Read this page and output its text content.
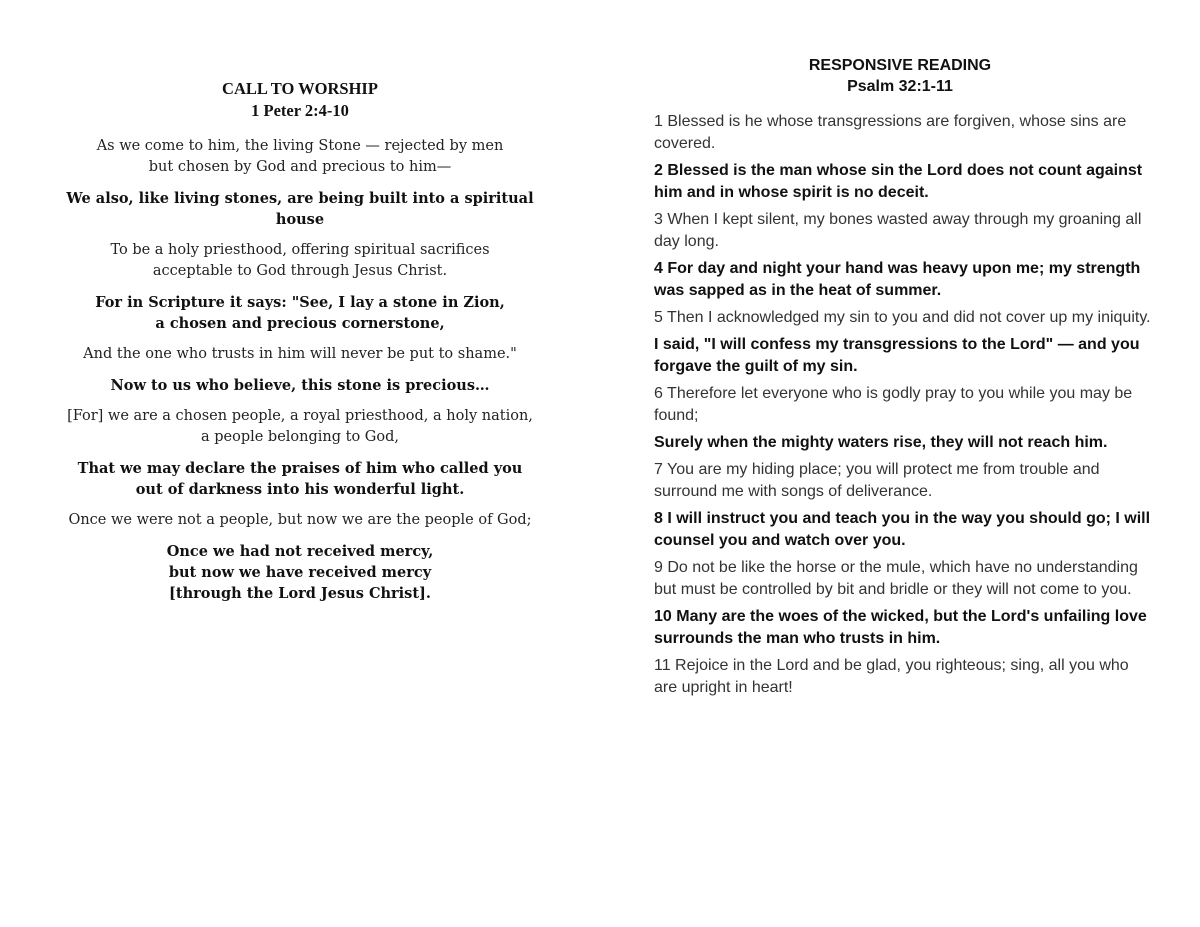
CALL TO WORSHIP
1 Peter 2:4-10
As we come to him, the living Stone — rejected by men
but chosen by God and precious to him—
We also, like living stones, are being built into a spiritual house
To be a holy priesthood, offering spiritual sacrifices
acceptable to God through Jesus Christ.
For in Scripture it says: "See, I lay a stone in Zion,
a chosen and precious cornerstone,
And the one who trusts in him will never be put to shame."
Now to us who believe, this stone is precious…
[For] we are a chosen people, a royal priesthood, a holy nation,
a people belonging to God,
That we may declare the praises of him who called you
out of darkness into his wonderful light.
Once we were not a people, but now we are the people of God;
Once we had not received mercy,
but now we have received mercy
[through the Lord Jesus Christ].
RESPONSIVE READING
Psalm 32:1-11
1 Blessed is he whose transgressions are forgiven, whose sins are covered.
2 Blessed is the man whose sin the Lord does not count against him and in whose spirit is no deceit.
3 When I kept silent, my bones wasted away through my groaning all day long.
4 For day and night your hand was heavy upon me; my strength was sapped as in the heat of summer.
5 Then I acknowledged my sin to you and did not cover up my iniquity.
I said, "I will confess my transgressions to the Lord" — and you forgave the guilt of my sin.
6 Therefore let everyone who is godly pray to you while you may be found;
Surely when the mighty waters rise, they will not reach him.
7 You are my hiding place; you will protect me from trouble and surround me with songs of deliverance.
8 I will instruct you and teach you in the way you should go; I will counsel you and watch over you.
9 Do not be like the horse or the mule, which have no understanding but must be controlled by bit and bridle or they will not come to you.
10 Many are the woes of the wicked, but the Lord's unfailing love surrounds the man who trusts in him.
11 Rejoice in the Lord and be glad, you righteous; sing, all you who are upright in heart!
